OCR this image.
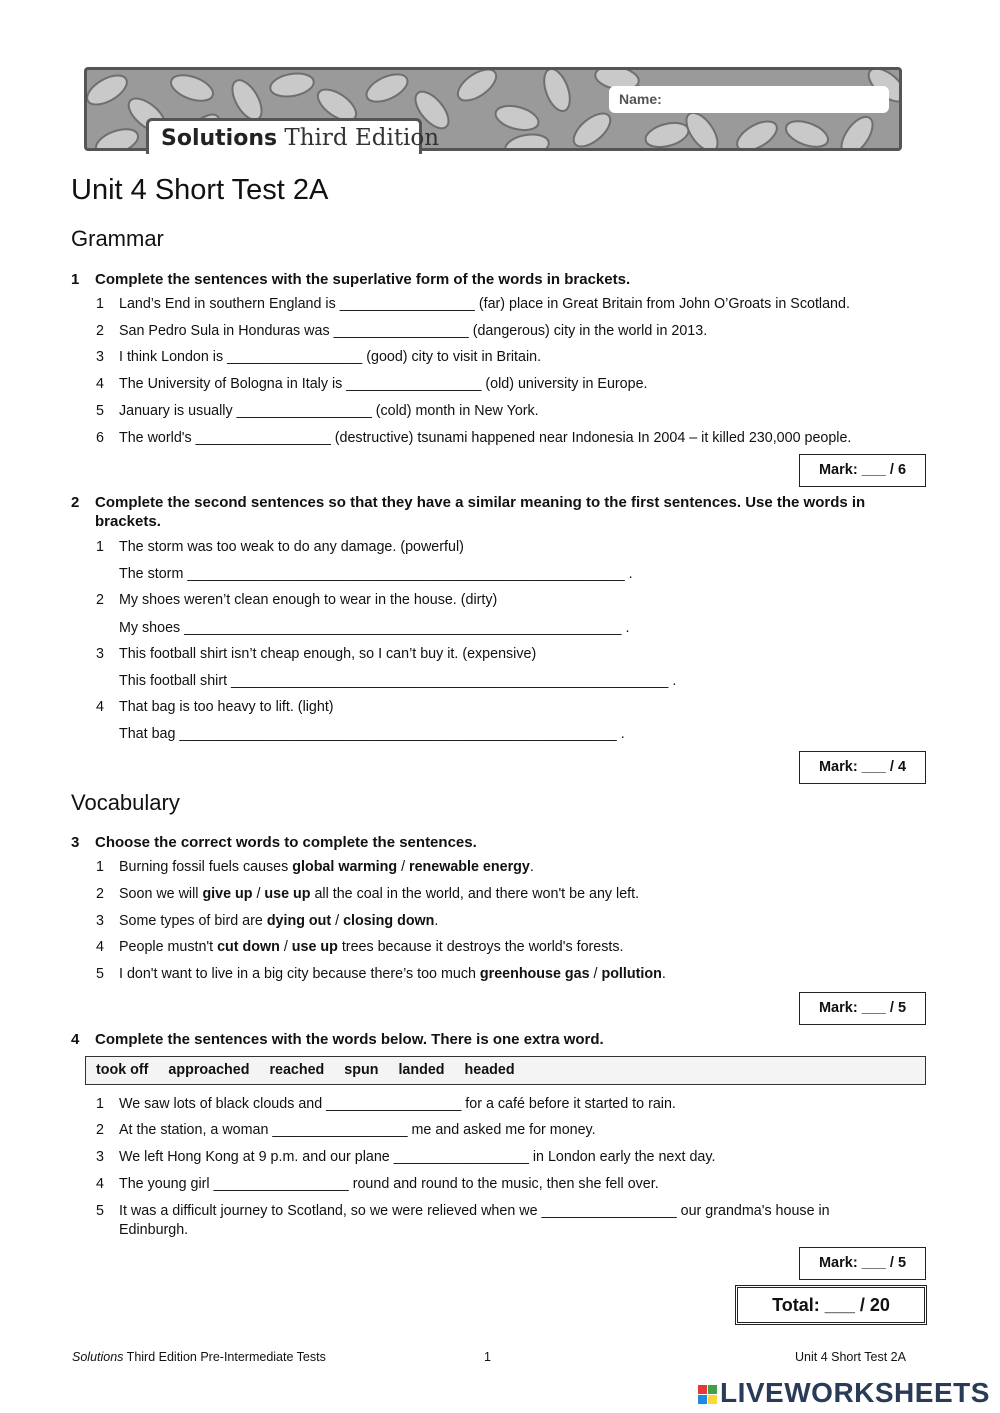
Solutions Third Edition
Name:
Unit 4 Short Test 2A
Grammar
1 Complete the sentences with the superlative form of the words in brackets.
1 Land’s End in southern England is _________________ (far) place in Great Britain from John O’Groats in Scotland.
2 San Pedro Sula in Honduras was _________________ (dangerous) city in the world in 2013.
3 I think London is _________________ (good) city to visit in Britain.
4 The University of Bologna in Italy is _________________ (old) university in Europe.
5 January is usually _________________ (cold) month in New York.
6 The world's _________________ (destructive) tsunami happened near Indonesia In 2004 – it killed 230,000 people.
Mark: ___ / 6
2 Complete the second sentences so that they have a similar meaning to the first sentences. Use the words in brackets.
1 The storm was too weak to do any damage. (powerful)
The storm _______________________________________________________ .
2 My shoes weren’t clean enough to wear in the house. (dirty)
My shoes _______________________________________________________ .
3 This football shirt isn’t cheap enough, so I can’t buy it. (expensive)
This football shirt _______________________________________________________ .
4 That bag is too heavy to lift. (light)
That bag _______________________________________________________ .
Mark: ___ / 4
Vocabulary
3 Choose the correct words to complete the sentences.
1 Burning fossil fuels causes global warming / renewable energy.
2 Soon we will give up / use up all the coal in the world, and there won't be any left.
3 Some types of bird are dying out / closing down.
4 People mustn't cut down / use up trees because it destroys the world's forests.
5 I don't want to live in a big city because there’s too much greenhouse gas / pollution.
Mark: ___ / 5
4 Complete the sentences with the words below. There is one extra word.
took off approached reached spun landed headed
1 We saw lots of black clouds and _________________ for a café before it started to rain.
2 At the station, a woman _________________ me and asked me for money.
3 We left Hong Kong at 9 p.m. and our plane _________________ in London early the next day.
4 The young girl _________________ round and round to the music, then she fell over.
5	It was a difficult journey to Scotland, so we were relieved when we _________________ our grandma's house in Edinburgh.
Mark: ___ / 5
Total: ___ / 20
Solutions Third Edition Pre-Intermediate Tests	1	Unit 4 Short Test 2A

LIVEWORKSHEETS
